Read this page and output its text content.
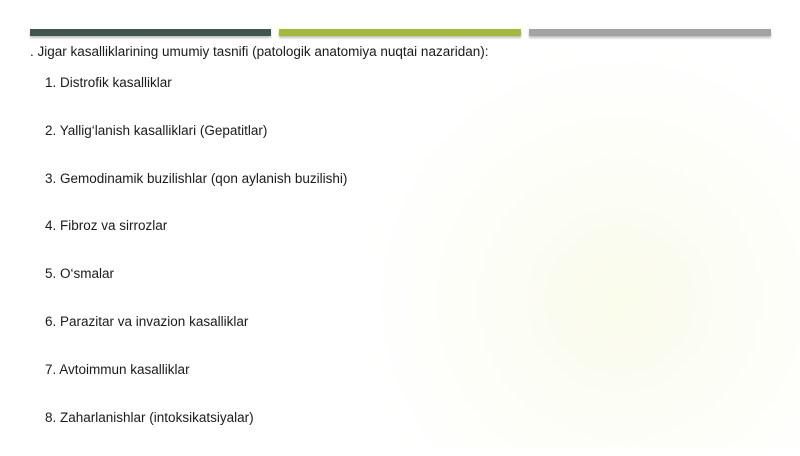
. Jigar kasalliklarining umumiy tasnifi (patologik anatomiya nuqtai nazaridan):
1. Distrofik kasalliklar
2. Yallig‘lanish kasalliklari (Gepatitlar)
3. Gemodinamik buzilishlar (qon aylanish buzilishi)
4. Fibroz va sirrozlar
5. O‘smalar
6. Parazitar va invazion kasalliklar
7. Avtoimmun kasalliklar
8. Zaharlanishlar (intoksikatsiyalar)
